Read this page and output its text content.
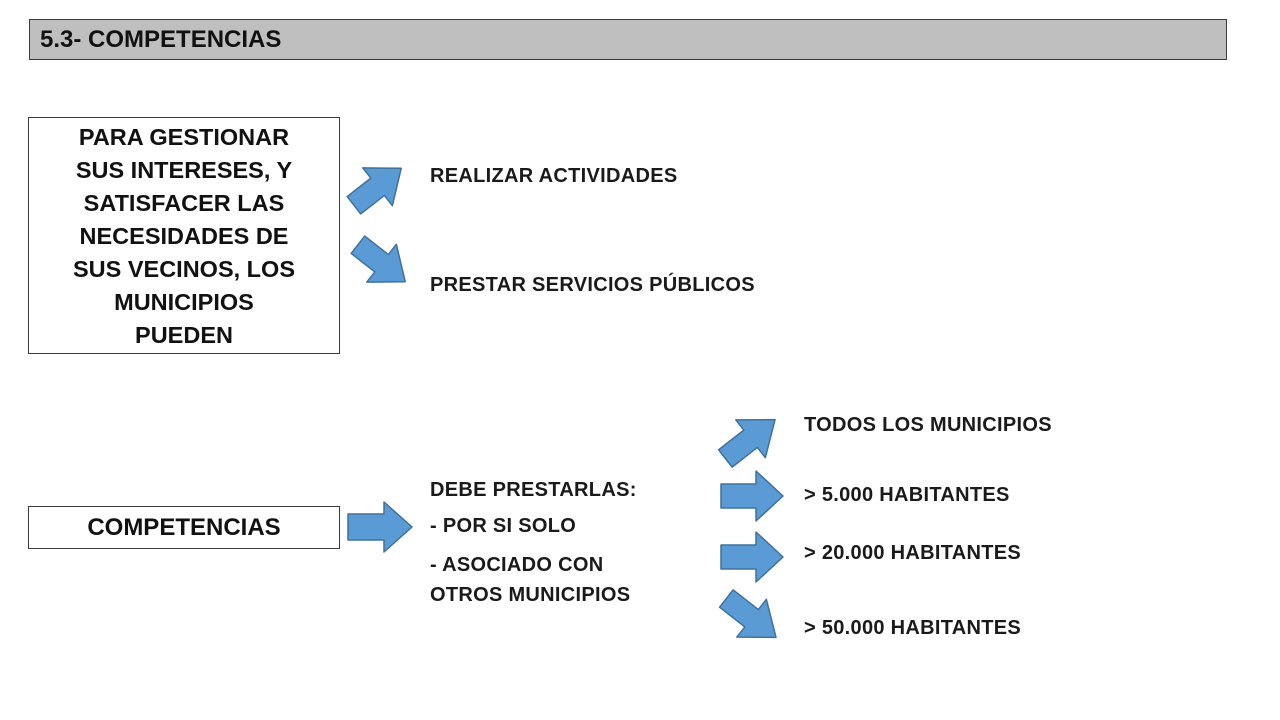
5.3- COMPETENCIAS
PARA GESTIONAR
SUS INTERESES, Y
SATISFACER LAS
NECESIDADES DE
SUS VECINOS, LOS
MUNICIPIOS
PUEDEN
COMPETENCIAS
REALIZAR ACTIVIDADES
PRESTAR SERVICIOS PÚBLICOS
DEBE PRESTARLAS:
- POR SI SOLO
- ASOCIADO CON
OTROS MUNICIPIOS
TODOS LOS MUNICIPIOS
> 5.000 HABITANTES
> 20.000 HABITANTES
> 50.000 HABITANTES
